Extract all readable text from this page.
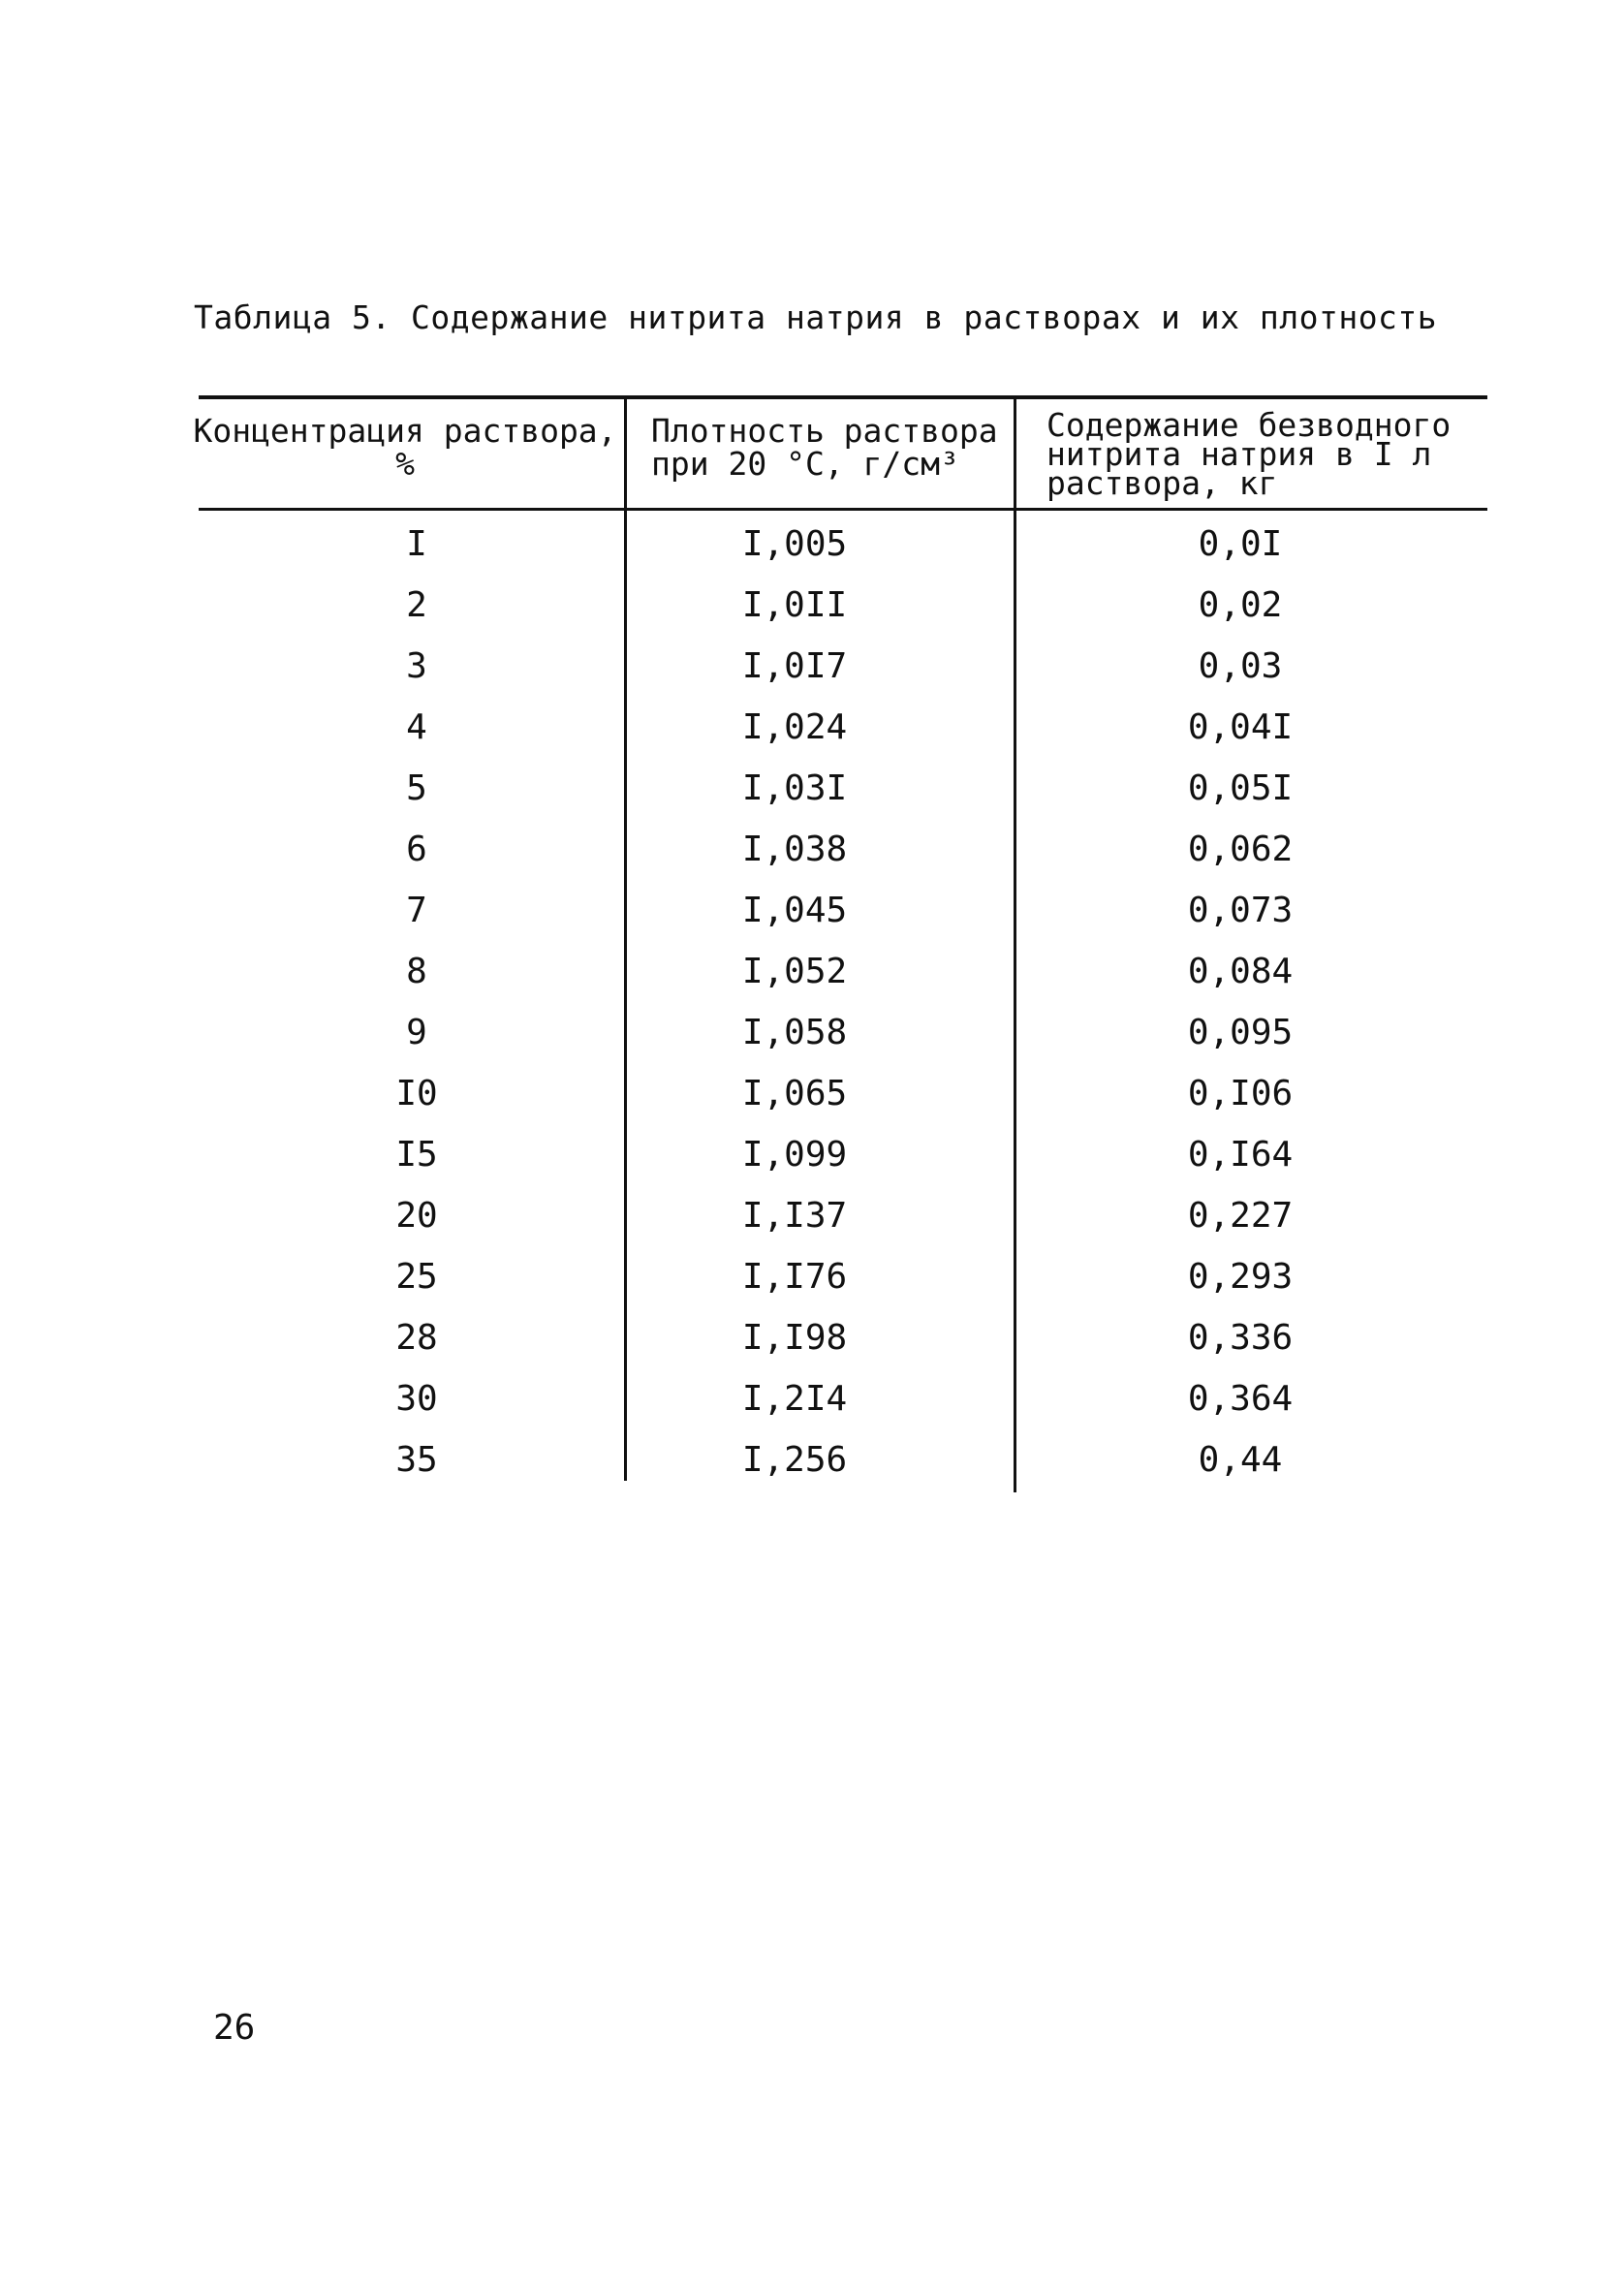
Таблица 5. Содержание нитрита натрия в растворах и их плотность
Концентрация раствора,
%
Плотность раствора
при 20 °С, г/см³
Содержание безводного
нитрита натрия в I л
раствора, кг
I
2
3
4
5
6
7
8
9
I0
I5
20
25
28
30
35
I,005
I,0II
I,0I7
I,024
I,03I
I,038
I,045
I,052
I,058
I,065
I,099
I,I37
I,I76
I,I98
I,2I4
I,256
0,0I
0,02
0,03
0,04I
0,05I
0,062
0,073
0,084
0,095
0,I06
0,I64
0,227
0,293
0,336
0,364
0,44
26
